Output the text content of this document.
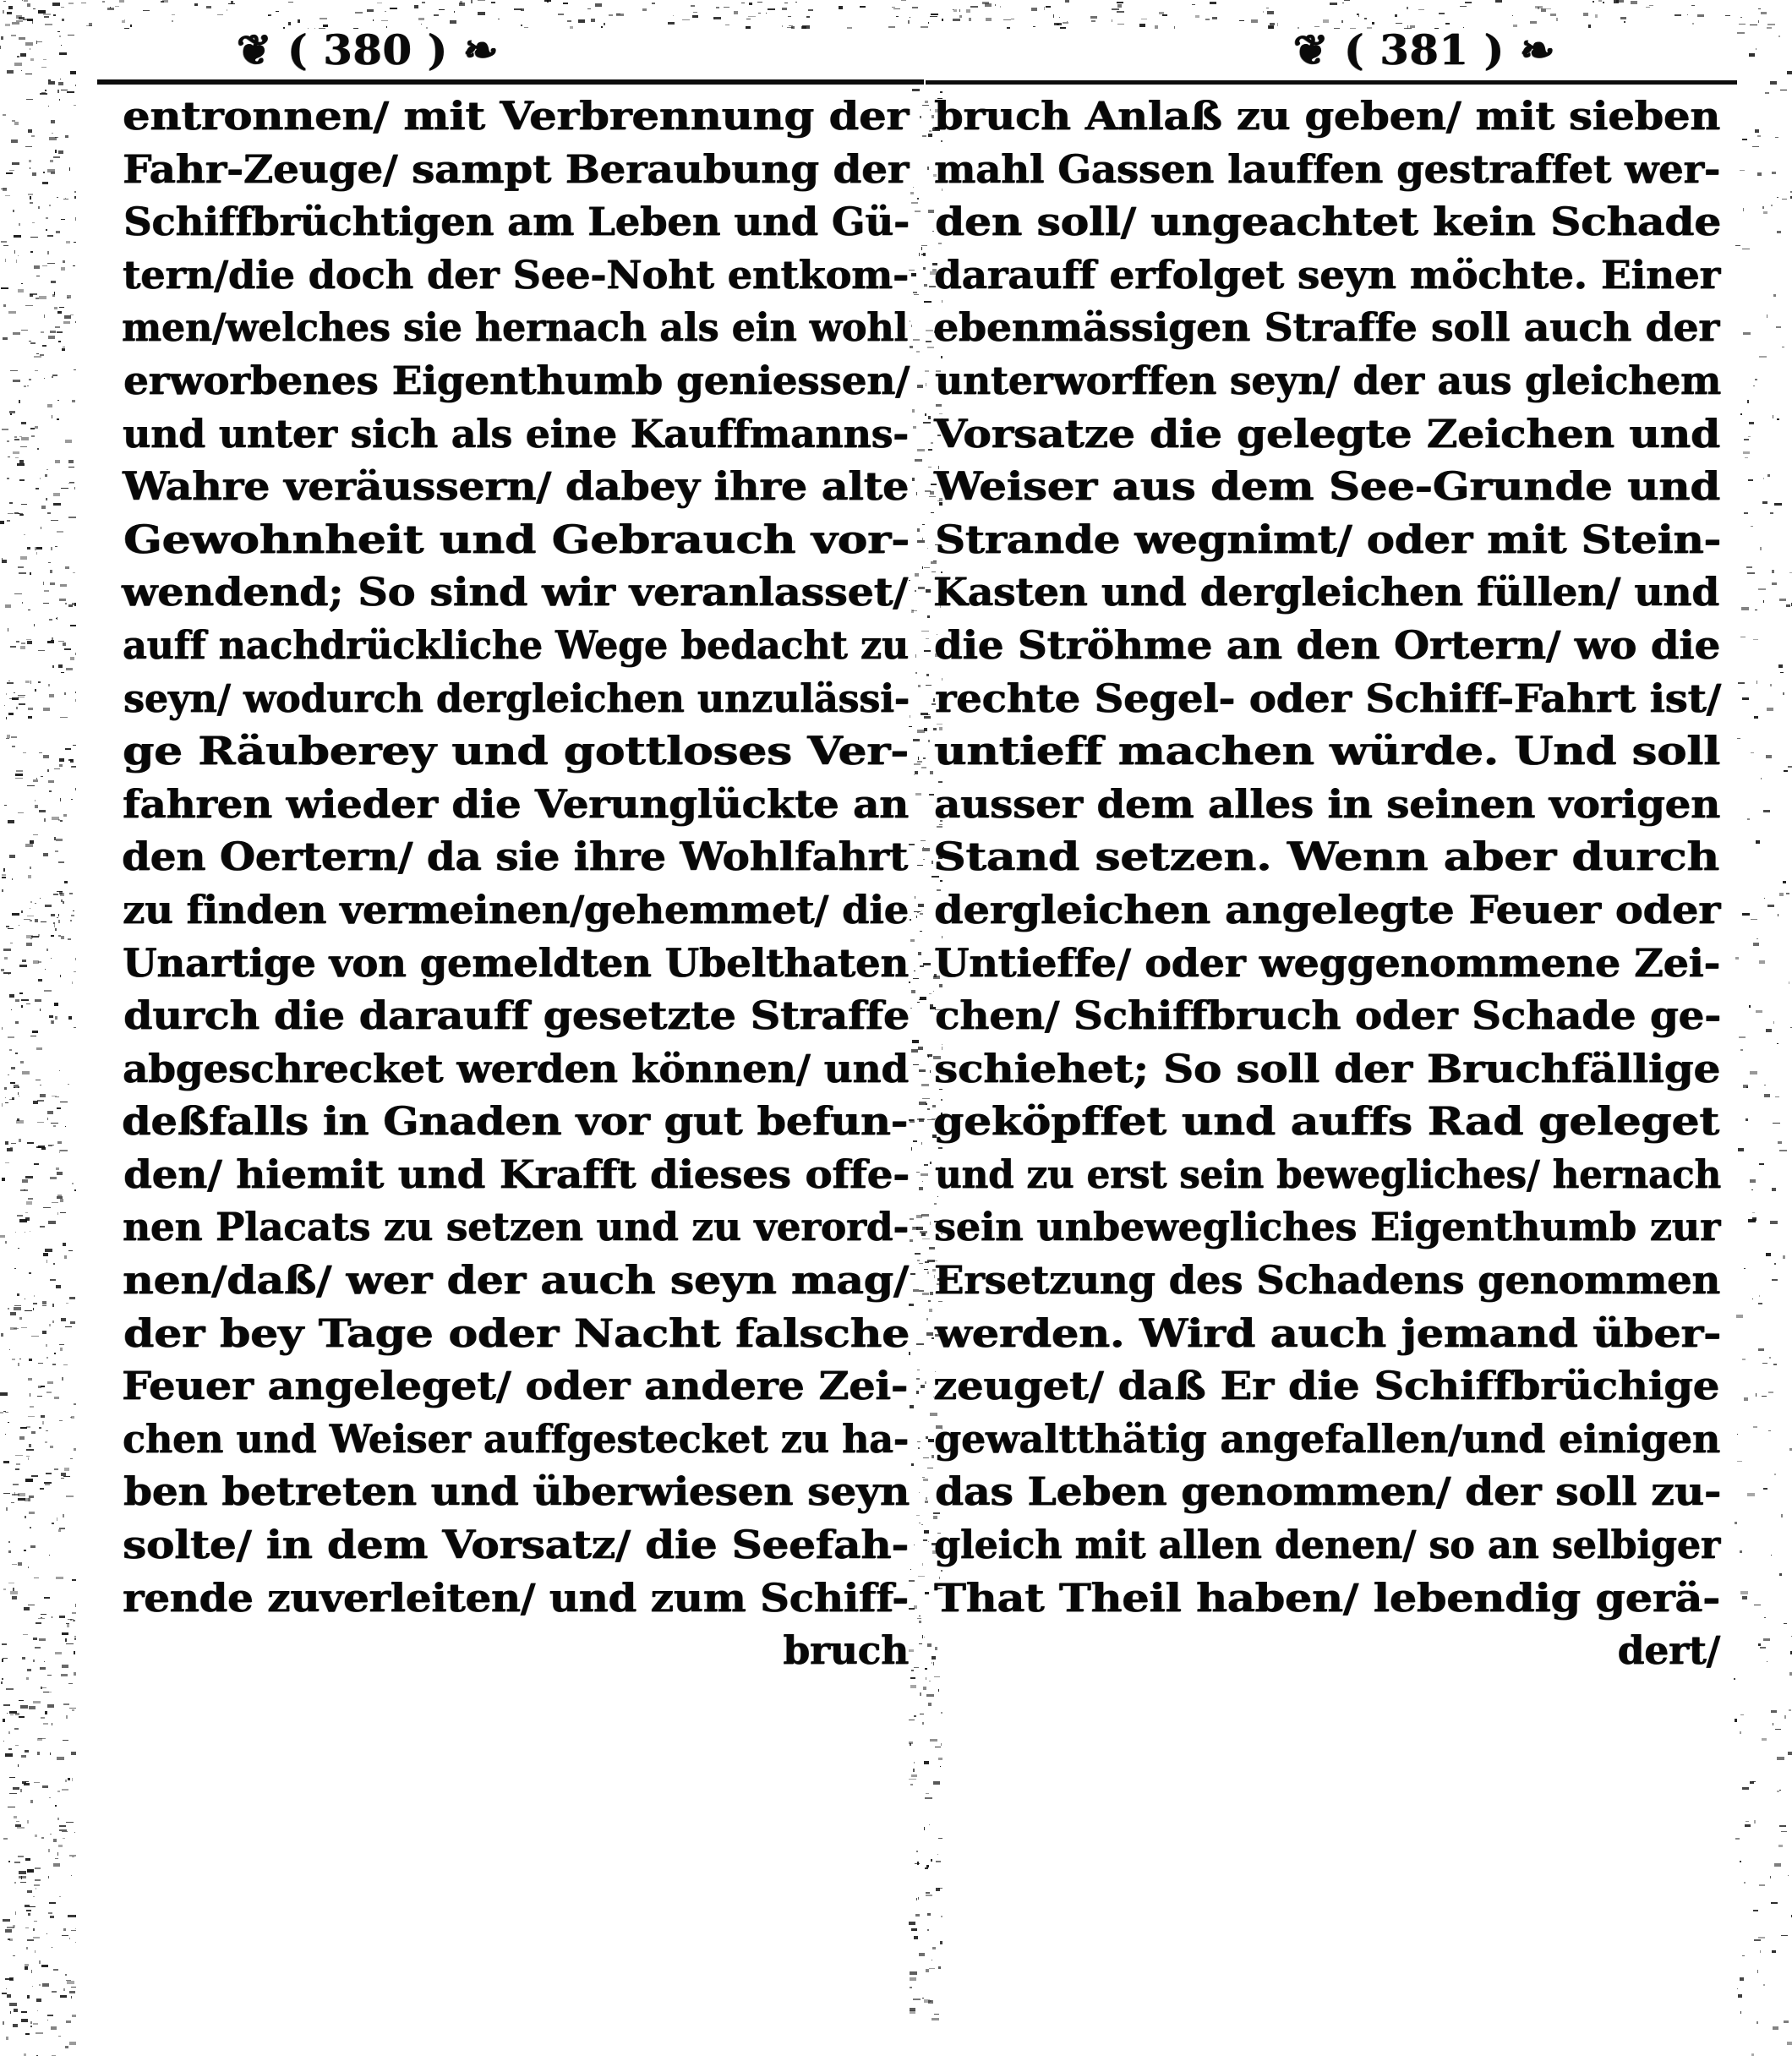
❦ ( 380 ) ❧
entronnen/ mit Verbrennung der
Fahr-Zeuge/ sampt Beraubung der
Schiffbrüchtigen am Leben und Gü-
tern/die doch der See-Noht entkom-
men/welches sie hernach als ein wohl
erworbenes Eigenthumb geniessen/
und unter sich als eine Kauffmanns-
Wahre veräussern/ dabey ihre alte
Gewohnheit und Gebrauch vor-
wendend; So sind wir veranlasset/
auff nachdrückliche Wege bedacht zu
seyn/ wodurch dergleichen unzulässi-
ge Räuberey und gottloses Ver-
fahren wieder die Verunglückte an
den Oertern/ da sie ihre Wohlfahrt
zu finden vermeinen/gehemmet/ die
Unartige von gemeldten Ubelthaten
durch die darauff gesetzte Straffe
abgeschrecket werden können/ und
deßfalls in Gnaden vor gut befun-
den/ hiemit und Krafft dieses offe-
nen Placats zu setzen und zu verord-
nen/daß/ wer der auch seyn mag/
der bey Tage oder Nacht falsche
Feuer angeleget/ oder andere Zei-
chen und Weiser auffgestecket zu ha-
ben betreten und überwiesen seyn
solte/ in dem Vorsatz/ die Seefah-
rende zuverleiten/ und zum Schiff-
bruch
❦ ( 381 ) ❧
bruch Anlaß zu geben/ mit sieben
mahl Gassen lauffen gestraffet wer-
den soll/ ungeachtet kein Schade
darauff erfolget seyn möchte. Einer
ebenmässigen Straffe soll auch der
unterworffen seyn/ der aus gleichem
Vorsatze die gelegte Zeichen und
Weiser aus dem See-Grunde und
Strande wegnimt/ oder mit Stein-
Kasten und dergleichen füllen/ und
die Ströhme an den Ortern/ wo die
rechte Segel- oder Schiff-Fahrt ist/
untieff machen würde. Und soll
ausser dem alles in seinen vorigen
Stand setzen. Wenn aber durch
dergleichen angelegte Feuer oder
Untieffe/ oder weggenommene Zei-
chen/ Schiffbruch oder Schade ge-
schiehet; So soll der Bruchfällige
geköpffet und auffs Rad geleget
und zu erst sein bewegliches/ hernach
sein unbewegliches Eigenthumb zur
Ersetzung des Schadens genommen
werden. Wird auch jemand über-
zeuget/ daß Er die Schiffbrüchige
gewaltthätig angefallen/und einigen
das Leben genommen/ der soll zu-
gleich mit allen denen/ so an selbiger
That Theil haben/ lebendig gerä-
dert/
